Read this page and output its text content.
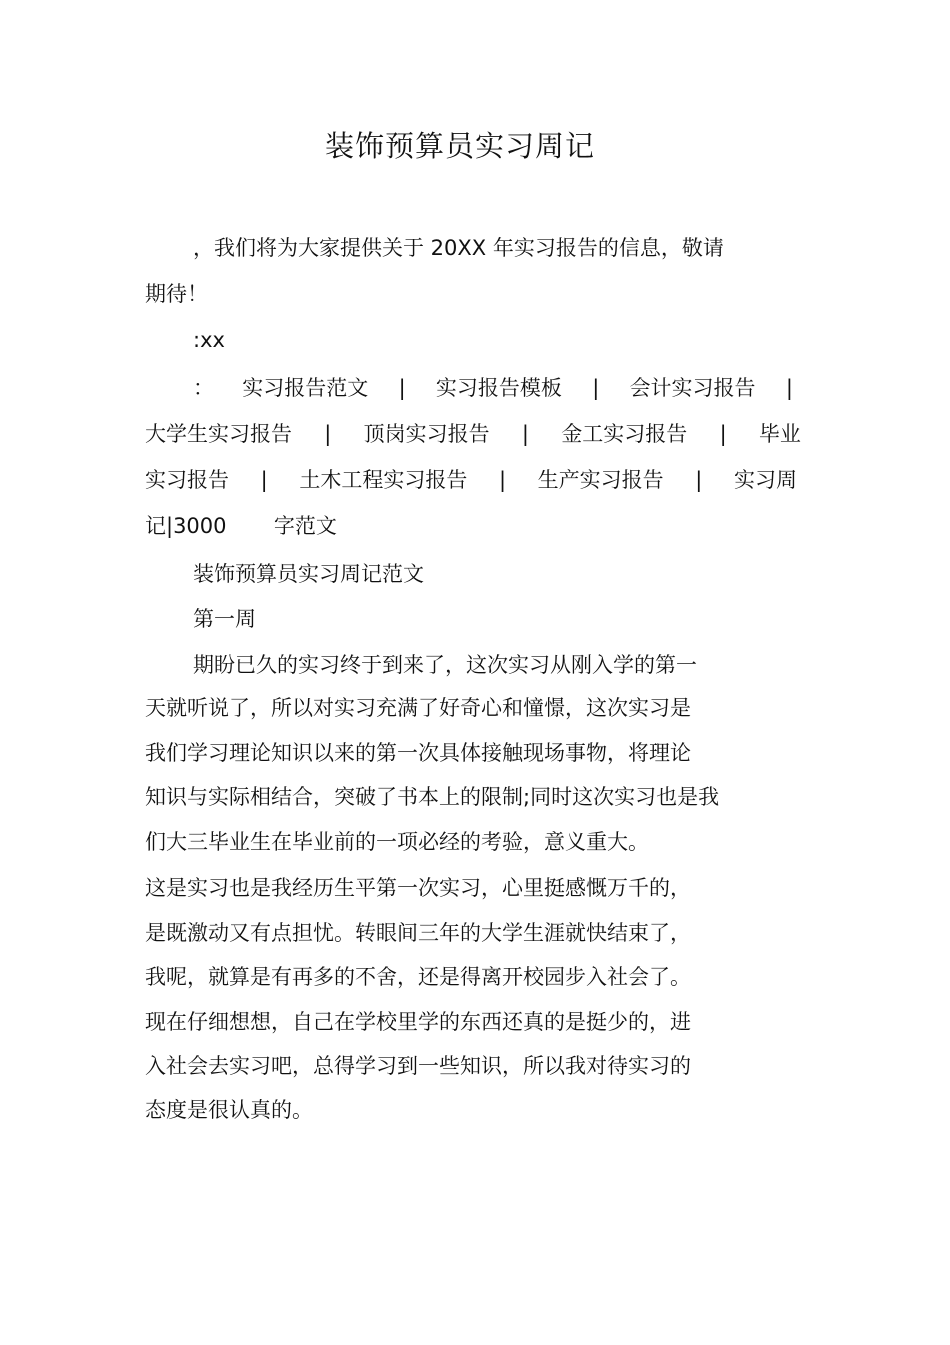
装饰预算员实习周记
，我们将为大家提供关于 20XX 年实习报告的信息，敬请
期待！
:xx
： 实习报告范文 | 实习报告模板 | 会计实习报告 |
大学生实习报告 | 顶岗实习报告 | 金工实习报告 | 毕业
实习报告 | 土木工程实习报告 | 生产实习报告 | 实习周
记|3000 字范文
装饰预算员实习周记范文
第一周
期盼已久的实习终于到来了，这次实习从刚入学的第一
天就听说了，所以对实习充满了好奇心和憧憬，这次实习是
我们学习理论知识以来的第一次具体接触现场事物，将理论
知识与实际相结合，突破了书本上的限制;同时这次实习也是我
们大三毕业生在毕业前的一项必经的考验，意义重大。
这是实习也是我经历生平第一次实习，心里挺感慨万千的，
是既激动又有点担忧。转眼间三年的大学生涯就快结束了，
我呢，就算是有再多的不舍，还是得离开校园步入社会了。
现在仔细想想，自己在学校里学的东西还真的是挺少的，进
入社会去实习吧，总得学习到一些知识，所以我对待实习的
态度是很认真的。
